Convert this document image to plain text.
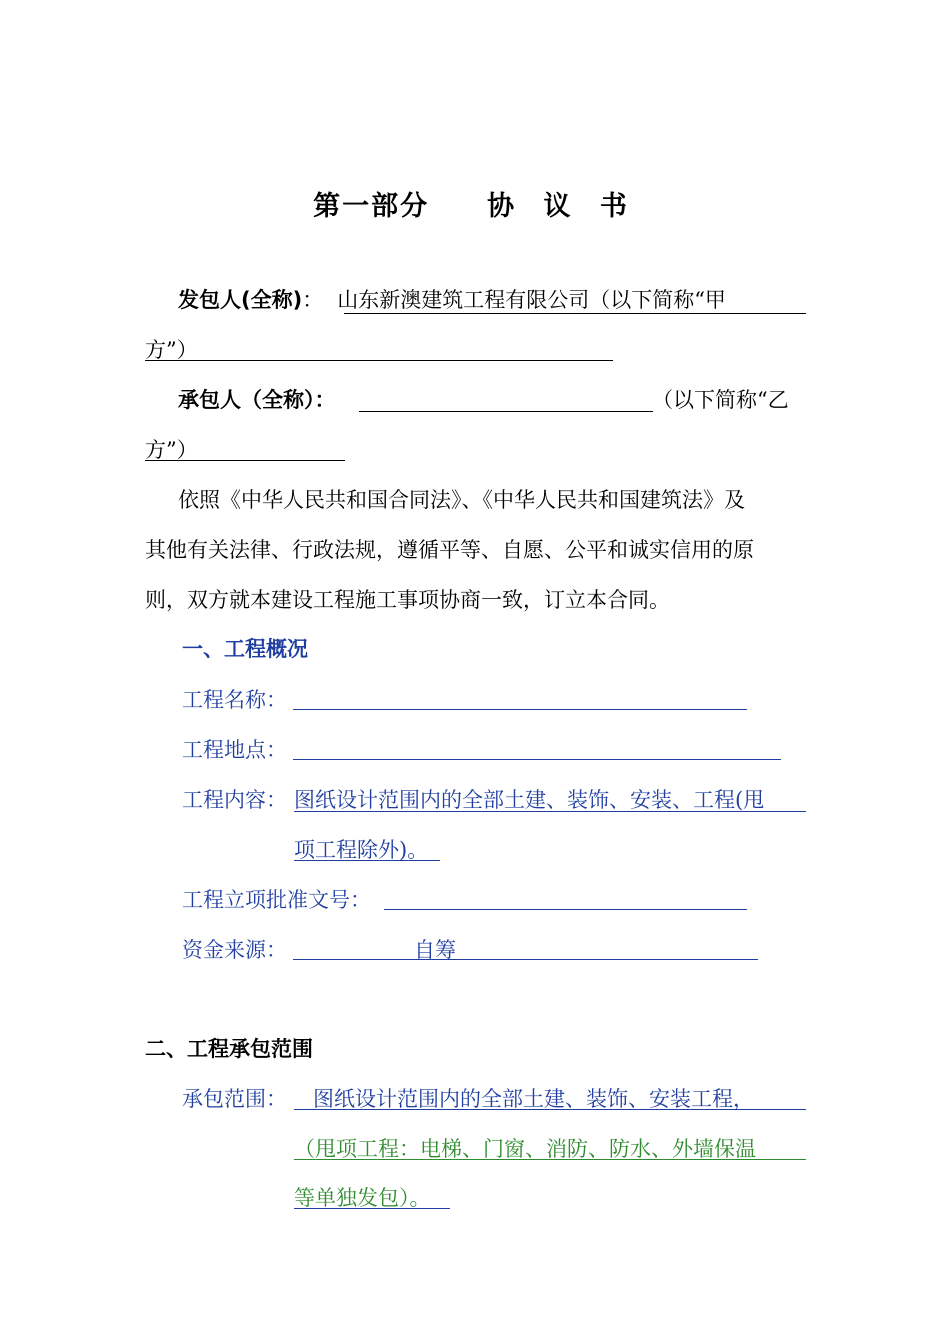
第一部分 协 议 书
发包人(全称)： 山东新澳建筑工程有限公司（以下简称“甲
方”）
承包人（全称）：	（以下简称“乙
方”）
依照《中华人民共和国合同法》、《中华人民共和国建筑法》及
其他有关法律、行政法规，遵循平等、自愿、公平和诚实信用的原
则，双方就本建设工程施工事项协商一致，订立本合同。
一、工程概况
工程名称：
工程地点：
工程内容： 图纸设计范围内的全部土建、装饰、安装、工程(甩
项工程除外)。
工程立项批准文号：
资金来源：	自筹
二、工程承包范围
承包范围： 图纸设计范围内的全部土建、装饰、安装工程，
（甩项工程：电梯、门窗、消防、防水、外墙保温
等单独发包）。
